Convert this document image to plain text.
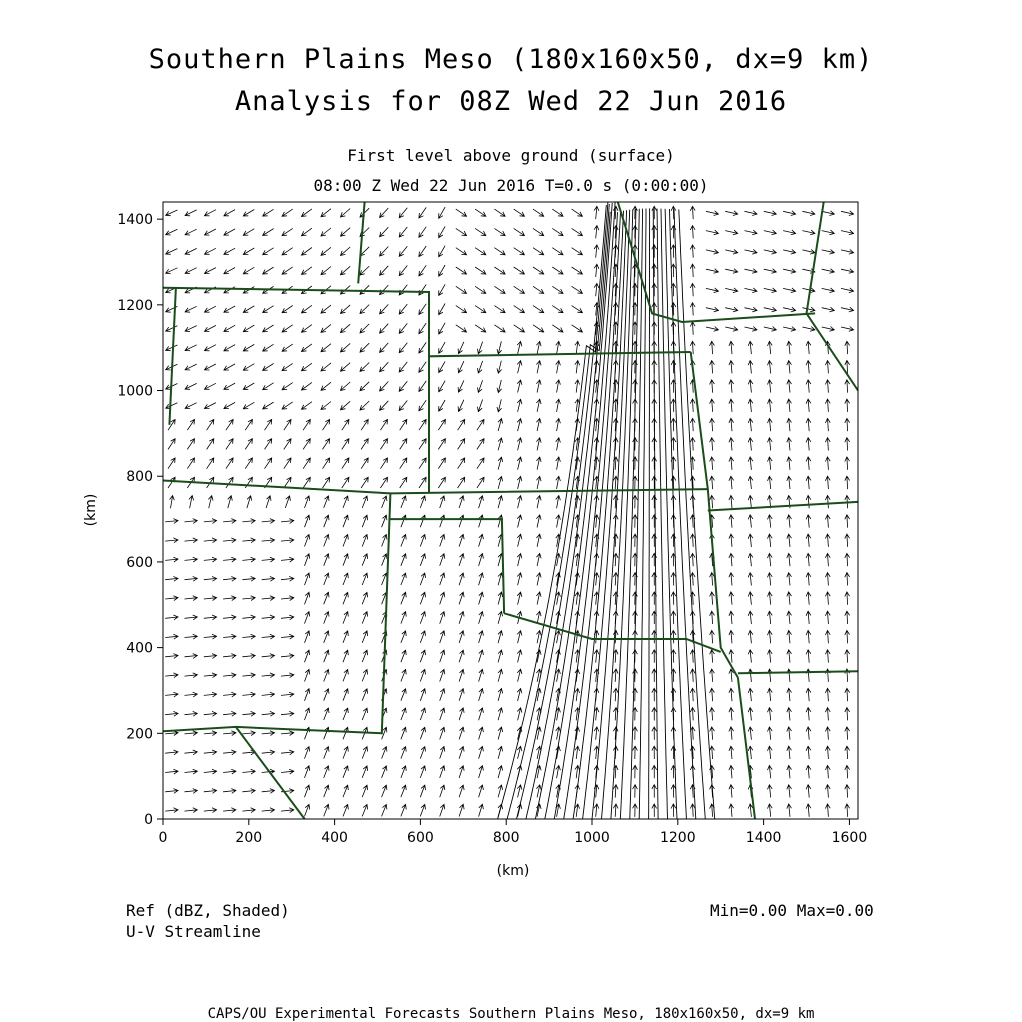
Southern Plains Meso (180x160x50, dx=9 km)
Analysis for 08Z Wed 22 Jun 2016
First level above ground (surface)
08:00 Z Wed 22 Jun 2016 T=0.0 s (0:00:00)
0	200	400	600	800	1000	1200	1400	1600
0
200
400
600
800
1000
1200
1400
(km)
(km)
Ref (dBZ, Shaded)
U-V Streamline
Min=0.00 Max=0.00
CAPS/OU Experimental Forecasts Southern Plains Meso, 180x160x50, dx=9 km
